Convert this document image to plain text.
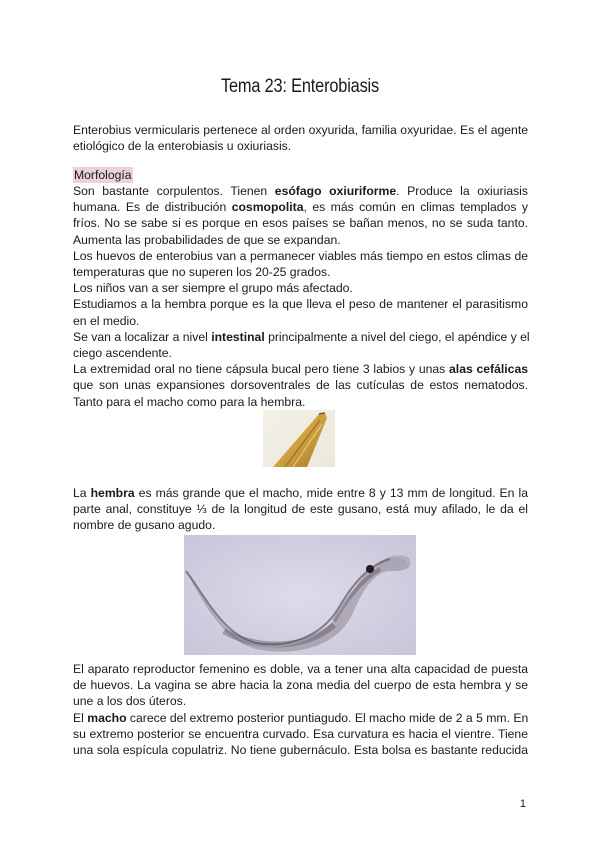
Tema 23: Enterobiasis
Enterobius vermicularis pertenece al orden oxyurida, familia oxyuridae. Es el agente
etiológico de la enterobiasis u oxiuriasis.
Morfología
Son bastante corpulentos. Tienen esófago oxiuriforme. Produce la oxiuriasis
humana. Es de distribución cosmopolita, es más común en climas templados y
fríos. No se sabe si es porque en esos países se bañan menos, no se suda tanto.
Aumenta las probabilidades de que se expandan.
Los huevos de enterobius van a permanecer viables más tiempo en estos climas de
temperaturas que no superen los 20-25 grados.
Los niños van a ser siempre el grupo más afectado.
Estudiamos a la hembra porque es la que lleva el peso de mantener el parasitismo
en el medio.
Se van a localizar a nivel intestinal principalmente a nivel del ciego, el apéndice y el
ciego ascendente.
La extremidad oral no tiene cápsula bucal pero tiene 3 labios y unas alas cefálicas
que son unas expansiones dorsoventrales de las cutículas de estos nematodos.
Tanto para el macho como para la hembra.
La hembra es más grande que el macho, mide entre 8 y 13 mm de longitud. En la
parte anal, constituye ⅓ de la longitud de este gusano, está muy afilado, le da el
nombre de gusano agudo.
El aparato reproductor femenino es doble, va a tener una alta capacidad de puesta
de huevos. La vagina se abre hacia la zona media del cuerpo de esta hembra y se
une a los dos úteros.
El macho carece del extremo posterior puntiagudo. El macho mide de 2 a 5 mm. En
su extremo posterior se encuentra curvado. Esa curvatura es hacia el vientre. Tiene
una sola espícula copulatriz. No tiene gubernáculo. Esta bolsa es bastante reducida
1
